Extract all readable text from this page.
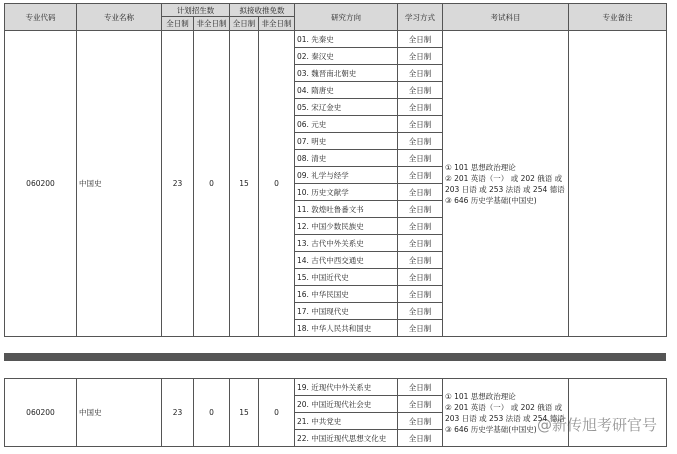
专业代码	专业名称	计划招生数		拟接收推免数		研究方向	学习方式	考试科目	专业备注
		全日制	非全日制	全日制	非全日制				
060200	中国史	23	0	15	0	01. 先秦史	全日制	① 101 思想政治理论
② 201 英语（一） 或 202 俄语 或 203 日语 或 253 法语 或 254 德语
③ 646 历史学基础(中国史)	

						02. 秦汉史	全日制		
						03. 魏晋南北朝史	全日制		
						04. 隋唐史	全日制		
						05. 宋辽金史	全日制		
						06. 元史	全日制		
						07. 明史	全日制		
						08. 清史	全日制		
						09. 礼学与经学	全日制		
						10. 历史文献学	全日制		
						11. 敦煌吐鲁番文书	全日制		
						12. 中国少数民族史	全日制		
						13. 古代中外关系史	全日制		
						14. 古代中西交通史	全日制		
						15. 中国近代史	全日制		
						16. 中华民国史	全日制		
						17. 中国现代史	全日制		
						18. 中华人民共和国史	全日制		
060200	中国史	23	0	15	0	19. 近现代中外关系史	全日制	① 101 思想政治理论
② 201 英语（一） 或 202 俄语 或 203 日语 或 253 法语 或 254 德语
③ 646 历史学基础(中国史)	

						20. 中国近现代社会史	全日制		
						21. 中共党史	全日制		
						22. 中国近现代思想文化史	全日制		
@新传旭考研官号
